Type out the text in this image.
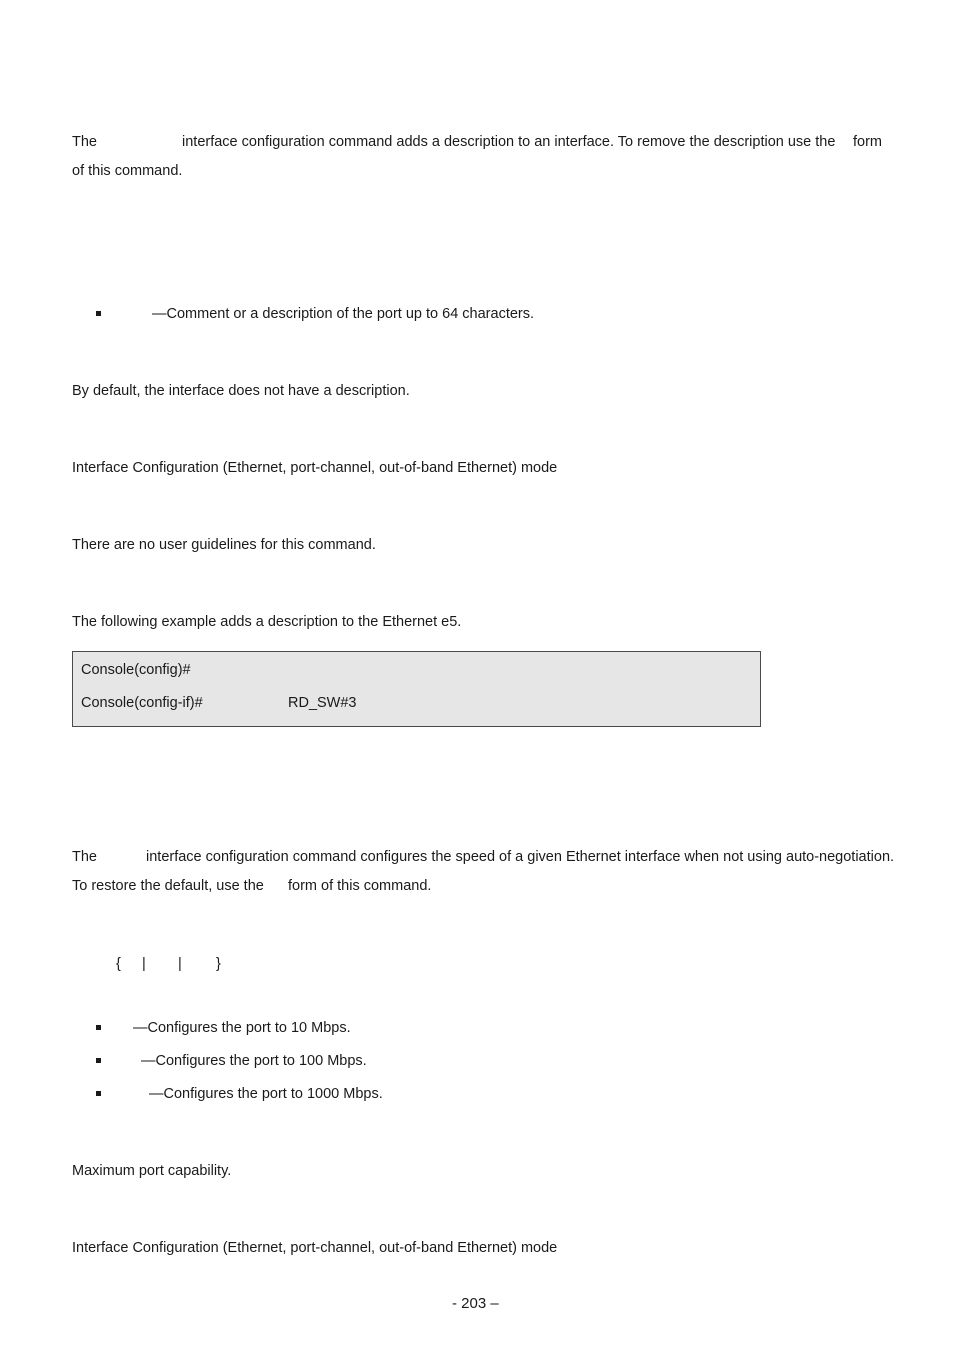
The	interface configuration command adds a description to an interface. To remove the description use the form
of this command.
—Comment or a description of the port up to 64 characters.
By default, the interface does not have a description.
Interface Configuration (Ethernet, port-channel, out-of-band Ethernet) mode
There are no user guidelines for this command.
The following example adds a description to the Ethernet e5.
Console(config)#
Console(config-if)#	RD_SW#3
The	interface configuration command configures the speed of a given Ethernet interface when not using auto-negotiation.
To restore the default, use the form of this command.
{ | | }
—Configures the port to 10 Mbps.
—Configures the port to 100 Mbps.
—Configures the port to 1000 Mbps.
Maximum port capability.
Interface Configuration (Ethernet, port-channel, out-of-band Ethernet) mode
- 203 –
